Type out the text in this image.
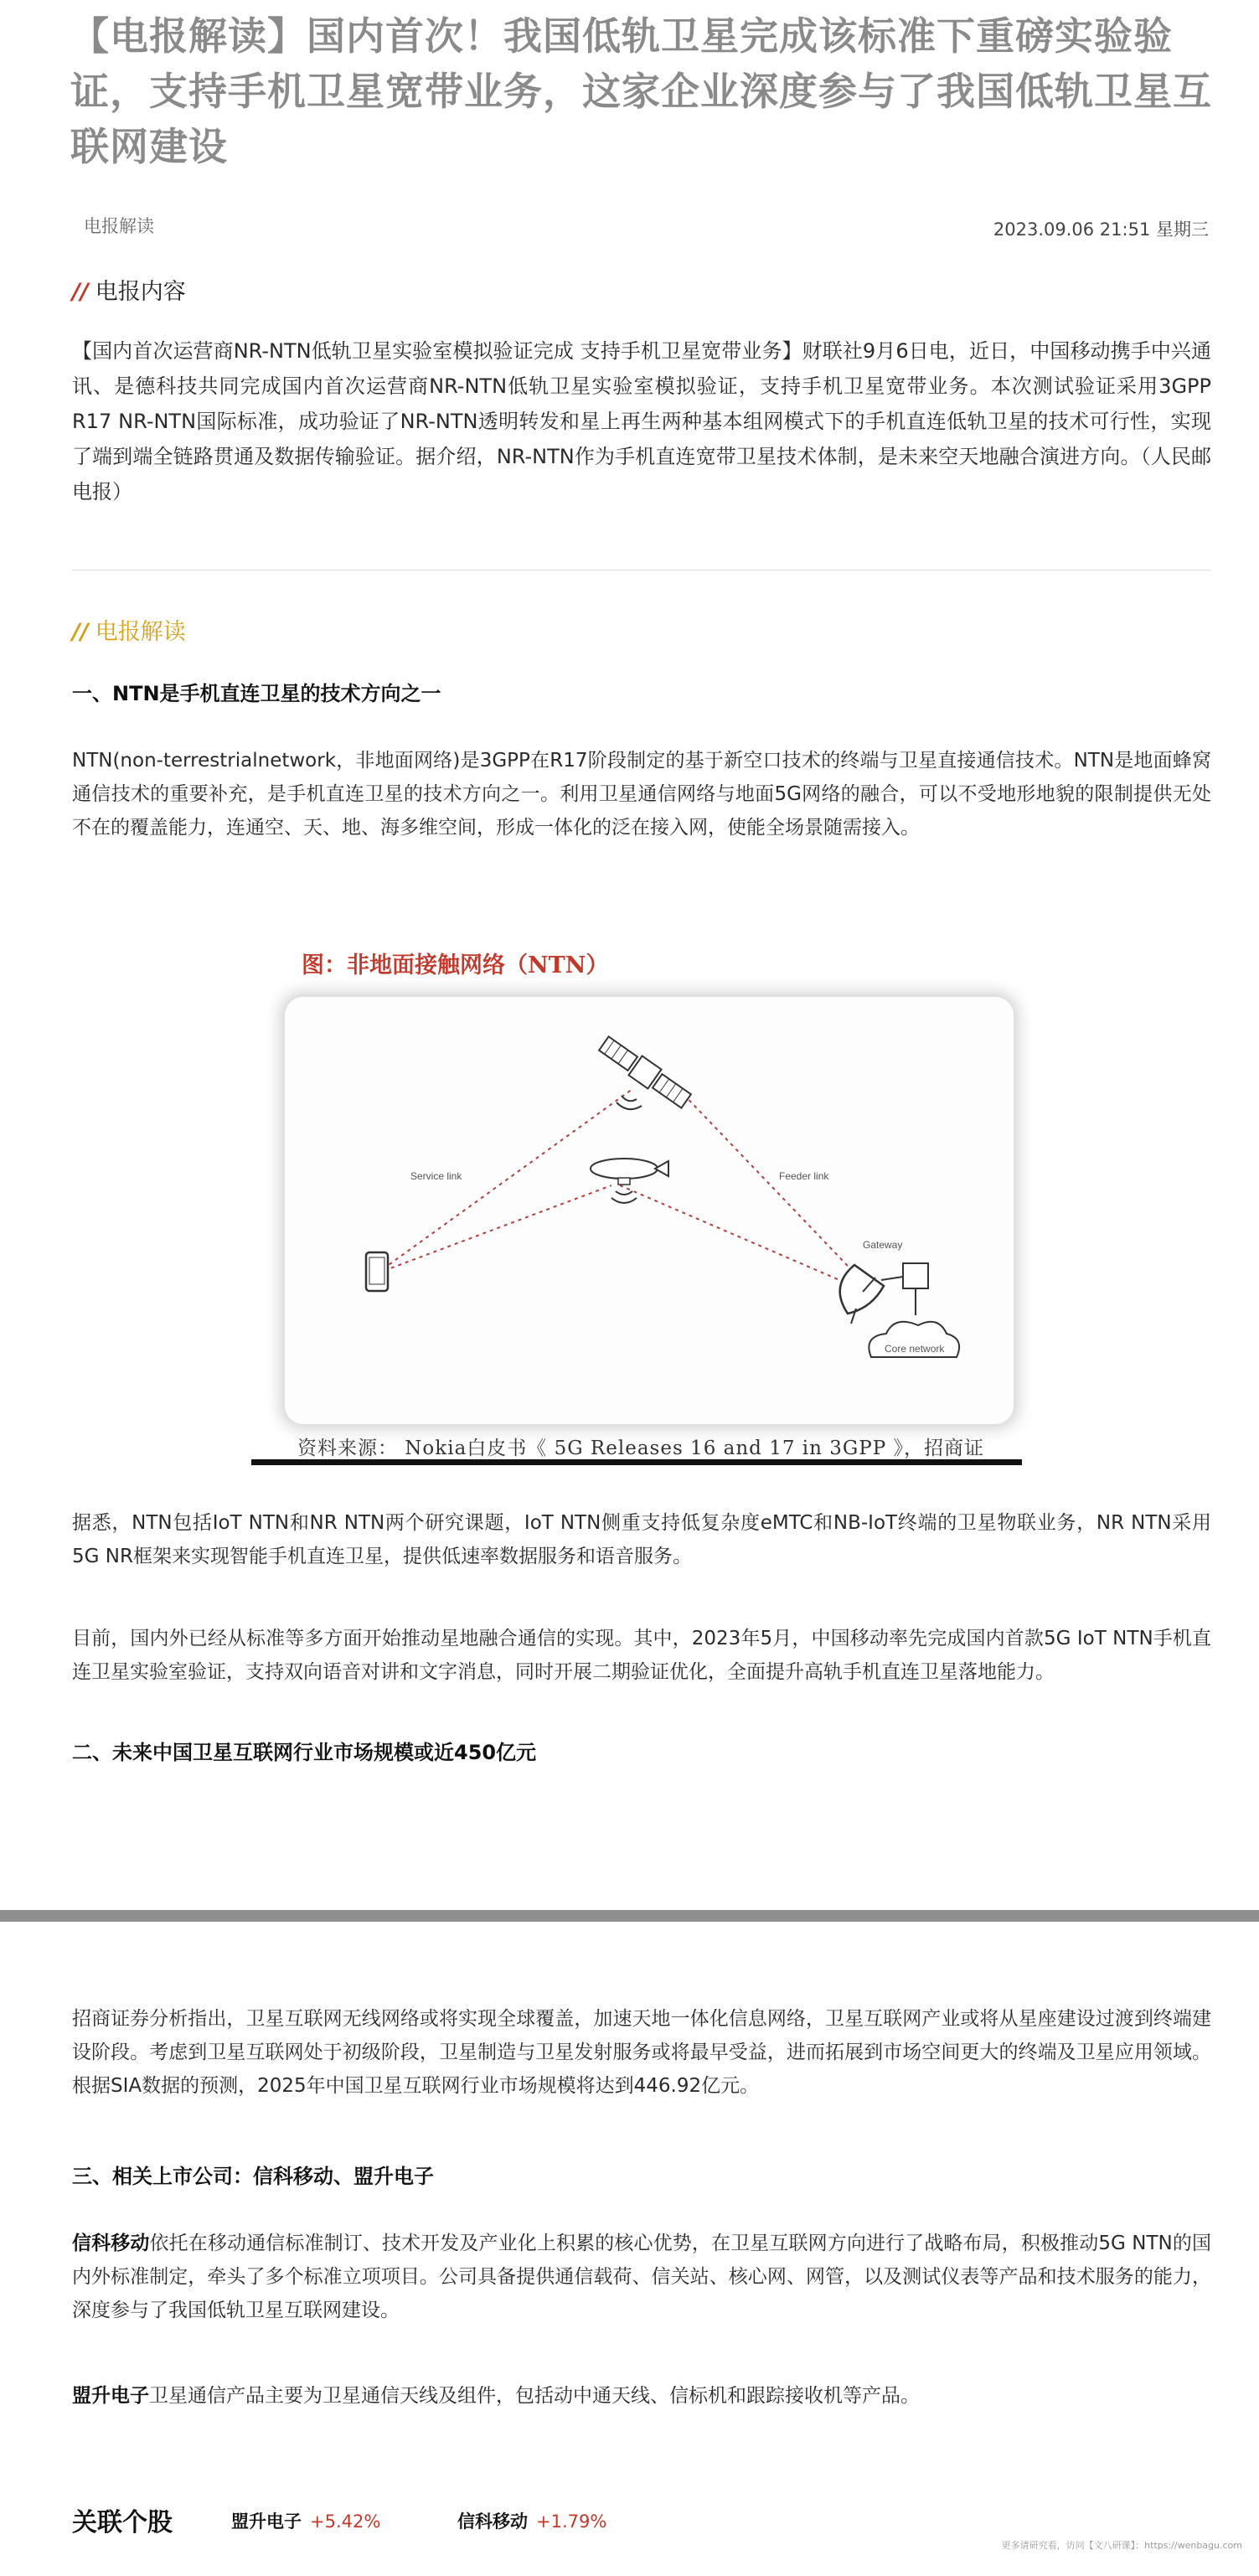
【电报解读】国内首次！我国低轨卫星完成该标准下重磅实验验证，支持手机卫星宽带业务，这家企业深度参与了我国低轨卫星互联网建设
电报解读	2023.09.06 21:51 星期三
// 电报内容

【国内首次运营商NR-NTN低轨卫星实验室模拟验证完成 支持手机卫星宽带业务】财联社9月6日电，近日，中国移动携手中兴通讯、是德科技共同完成国内首次运营商NR-NTN低轨卫星实验室模拟验证，支持手机卫星宽带业务。本次测试验证采用3GPP R17 NR-NTN国际标准，成功验证了NR-NTN透明转发和星上再生两种基本组网模式下的手机直连低轨卫星的技术可行性，实现了端到端全链路贯通及数据传输验证。据介绍，NR-NTN作为手机直连宽带卫星技术体制，是未来空天地融合演进方向。（人民邮电报）

// 电报解读
一、NTN是手机直连卫星的技术方向之一

NTN(non-terrestrialnetwork，非地面网络)是3GPP在R17阶段制定的基于新空口技术的终端与卫星直接通信技术。NTN是地面蜂窝通信技术的重要补充，是手机直连卫星的技术方向之一。利用卫星通信网络与地面5G网络的融合，可以不受地形地貌的限制提供无处不在的覆盖能力，连通空、天、地、海多维空间，形成一体化的泛在接入网，使能全场景随需接入。

图：非地面接触网络（NTN）
Service link	Feeder link
Gateway
Core network
资料来源： Nokia白皮书《 5G Releases 16 and 17 in 3GPP 》，招商证

据悉，NTN包括IoT NTN和NR NTN两个研究课题，IoT NTN侧重支持低复杂度eMTC和NB-IoT终端的卫星物联业务，NR NTN采用5G NR框架来实现智能手机直连卫星，提供低速率数据服务和语音服务。

目前，国内外已经从标准等多方面开始推动星地融合通信的实现。其中，2023年5月，中国移动率先完成国内首款5G IoT NTN手机直连卫星实验室验证，支持双向语音对讲和文字消息，同时开展二期验证优化，全面提升高轨手机直连卫星落地能力。

二、未来中国卫星互联网行业市场规模或近450亿元

招商证券分析指出，卫星互联网无线网络或将实现全球覆盖，加速天地一体化信息网络，卫星互联网产业或将从星座建设过渡到终端建设阶段。考虑到卫星互联网处于初级阶段，卫星制造与卫星发射服务或将最早受益，进而拓展到市场空间更大的终端及卫星应用领域。根据SIA数据的预测，2025年中国卫星互联网行业市场规模将达到446.92亿元。

三、相关上市公司：信科移动、盟升电子

信科移动依托在移动通信标准制订、技术开发及产业化上积累的核心优势，在卫星互联网方向进行了战略布局，积极推动5G NTN的国内外标准制定，牵头了多个标准立项项目。公司具备提供通信载荷、信关站、核心网、网管，以及测试仪表等产品和技术服务的能力，深度参与了我国低轨卫星互联网建设。

盟升电子卫星通信产品主要为卫星通信天线及组件，包括动中通天线、信标机和跟踪接收机等产品。

关联个股	盟升电子 +5.42%	信科移动 +1.79%
更多请研究看，访问【文八研课】：https://wenbagu.com
